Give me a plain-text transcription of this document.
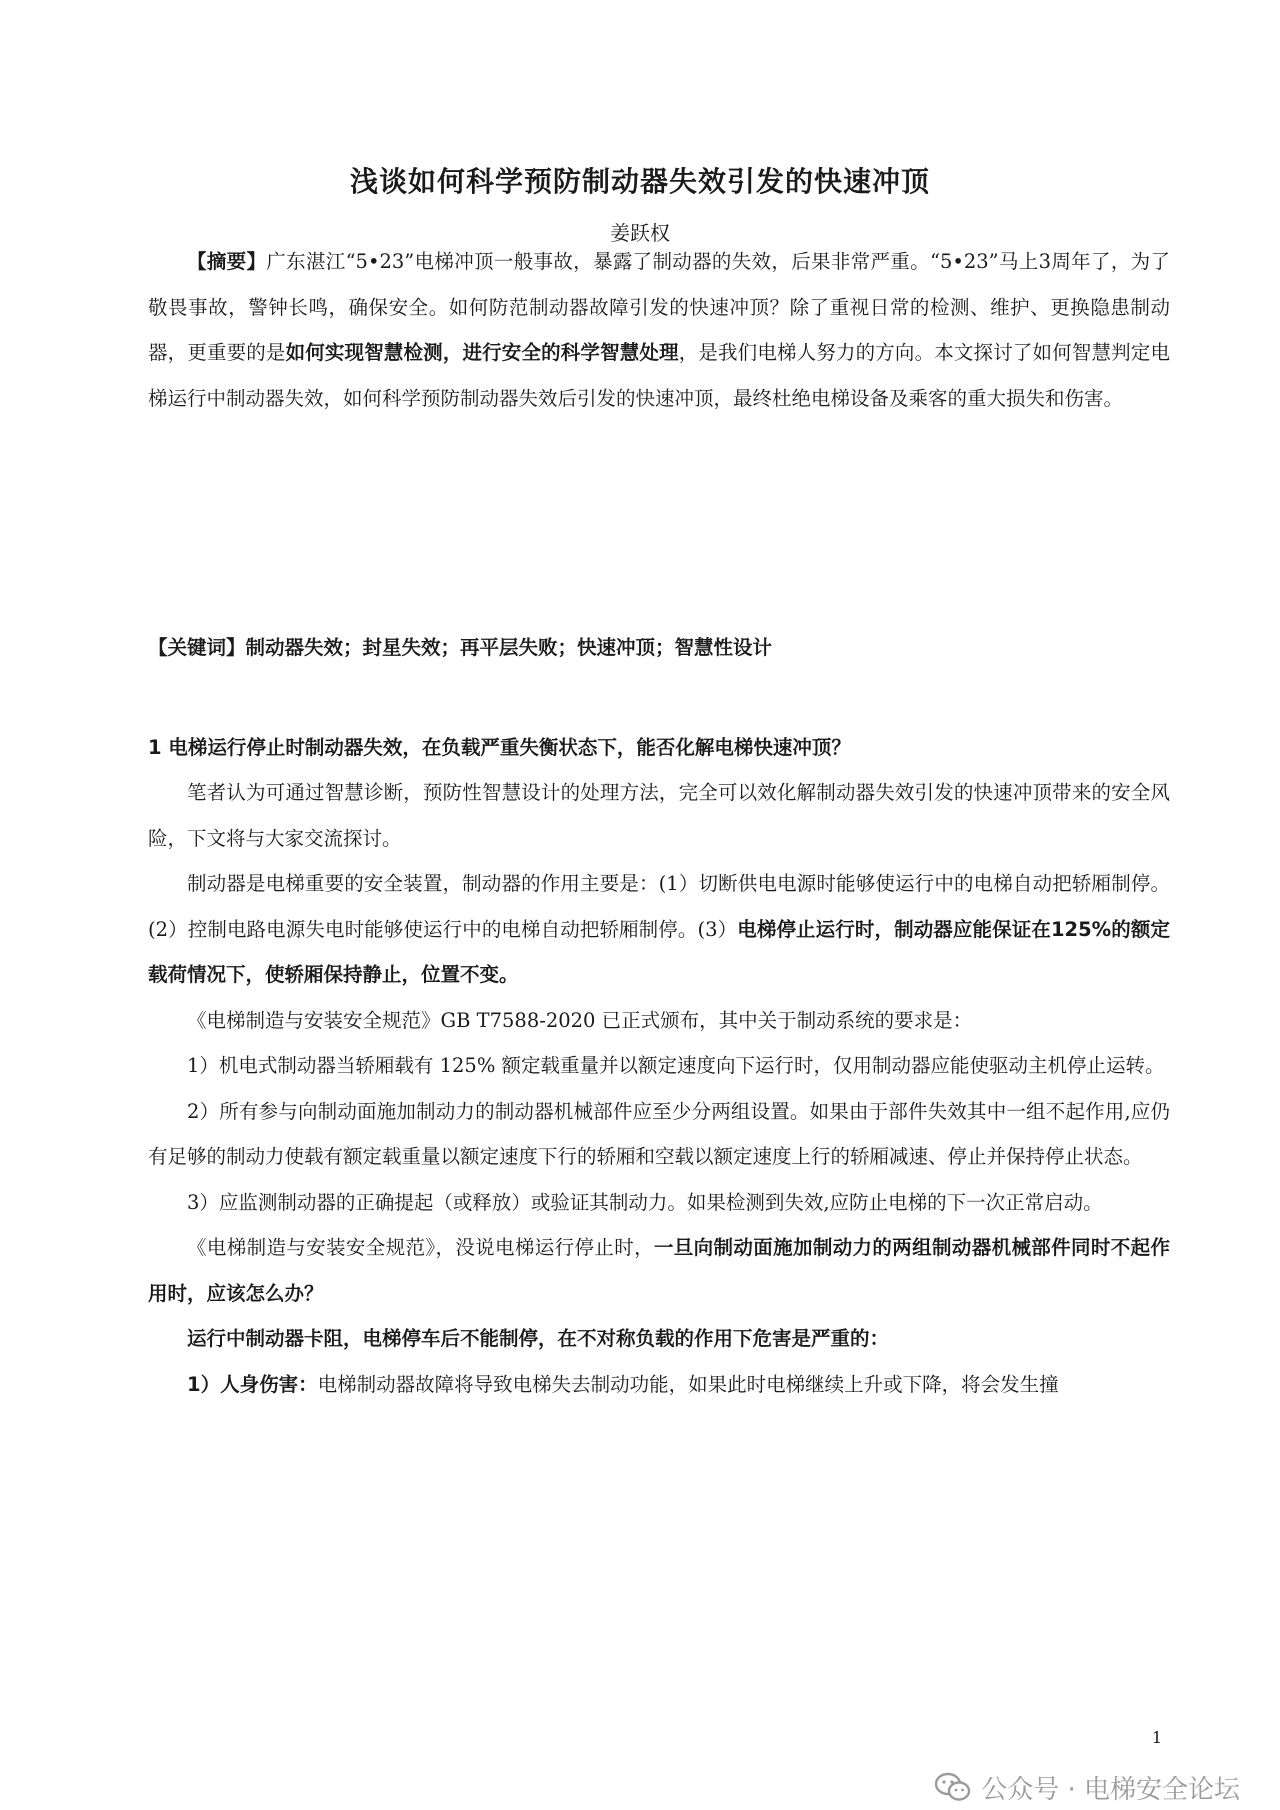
浅谈如何科学预防制动器失效引发的快速冲顶
姜跃权
【摘要】广东湛江“5•23”电梯冲顶一般事故，暴露了制动器的失效，后果非常严重。“5•23”马上3周年了，为了敬畏事故，警钟长鸣，确保安全。如何防范制动器故障引发的快速冲顶？除了重视日常的检测、维护、更换隐患制动器，更重要的是如何实现智慧检测，进行安全的科学智慧处理，是我们电梯人努力的方向。本文探讨了如何智慧判定电梯运行中制动器失效，如何科学预防制动器失效后引发的快速冲顶，最终杜绝电梯设备及乘客的重大损失和伤害。
【关键词】制动器失效；封星失效；再平层失败；快速冲顶；智慧性设计
1 电梯运行停止时制动器失效，在负载严重失衡状态下，能否化解电梯快速冲顶？
笔者认为可通过智慧诊断，预防性智慧设计的处理方法，完全可以效化解制动器失效引发的快速冲顶带来的安全风险，下文将与大家交流探讨。
制动器是电梯重要的安全装置，制动器的作用主要是：(1）切断供电电源时能够使运行中的电梯自动把轿厢制停。(2）控制电路电源失电时能够使运行中的电梯自动把轿厢制停。(3）电梯停止运行时，制动器应能保证在125%的额定载荷情况下，使轿厢保持静止，位置不变。
《电梯制造与安装安全规范》GB T7588-2020 已正式颁布，其中关于制动系统的要求是：
1）机电式制动器当轿厢载有 125% 额定载重量并以额定速度向下运行时，仅用制动器应能使驱动主机停止运转。
2）所有参与向制动面施加制动力的制动器机械部件应至少分两组设置。如果由于部件失效其中一组不起作用,应仍有足够的制动力使载有额定载重量以额定速度下行的轿厢和空载以额定速度上行的轿厢减速、停止并保持停止状态。
3）应监测制动器的正确提起（或释放）或验证其制动力。如果检测到失效,应防止电梯的下一次正常启动。
《电梯制造与安装安全规范》，没说电梯运行停止时，一旦向制动面施加制动力的两组制动器机械部件同时不起作用时，应该怎么办？
运行中制动器卡阻，电梯停车后不能制停，在不对称负载的作用下危害是严重的：
1）人身伤害：电梯制动器故障将导致电梯失去制动功能，如果此时电梯继续上升或下降，将会发生撞
1
公众号 · 电梯安全论坛
